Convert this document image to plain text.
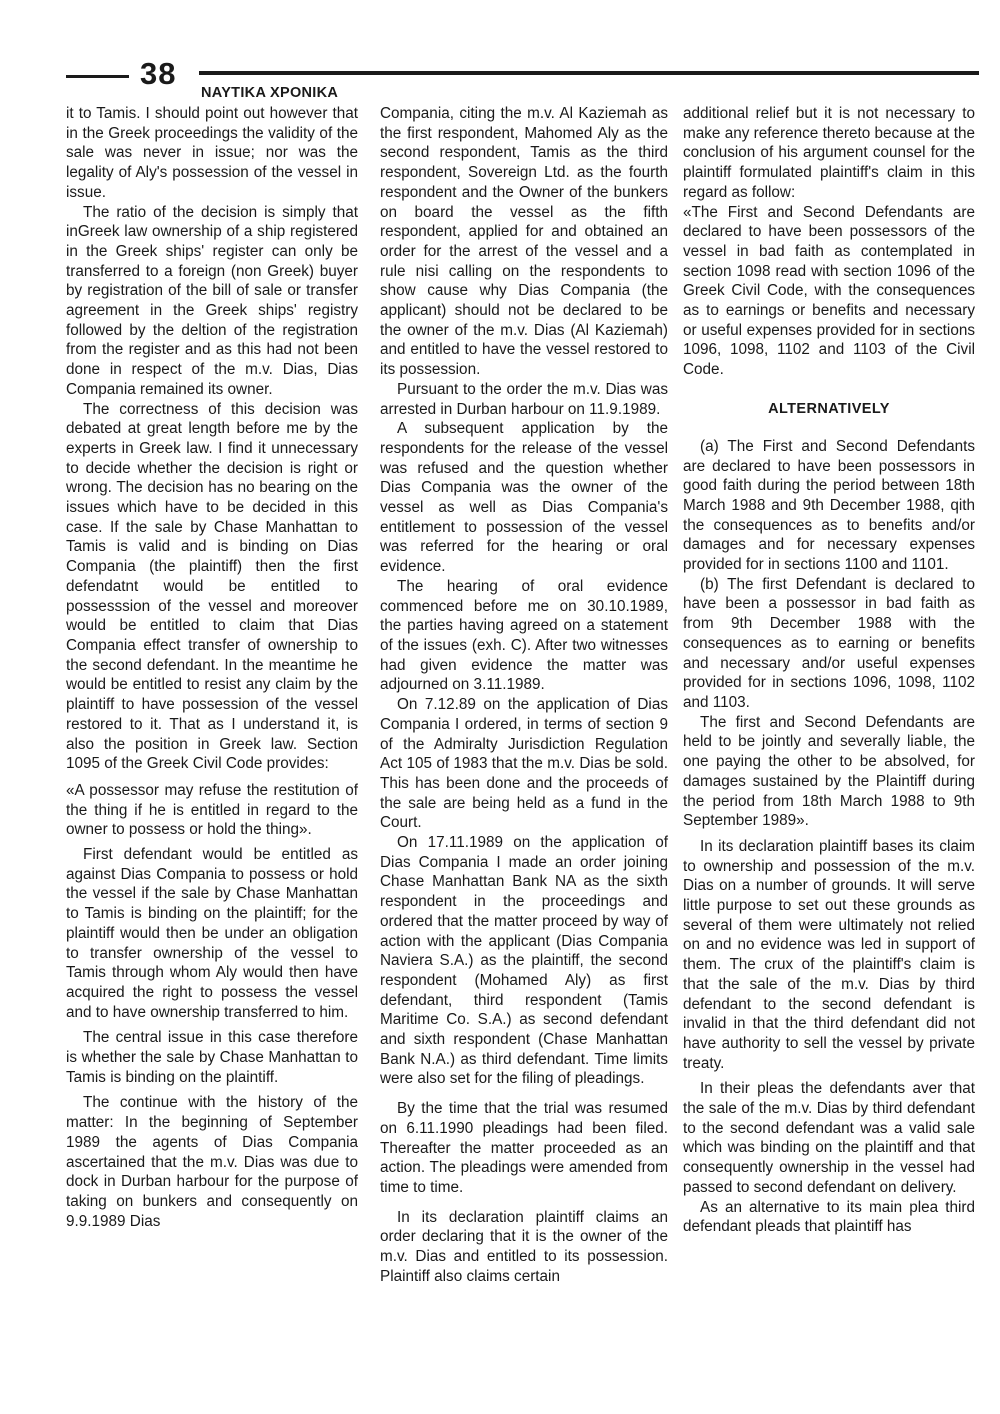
38
NAYTIKA XPONIKA

it to Tamis. I should point out however that in the Greek proceedings the validity of the sale was never in issue; nor was the legality of Aly's possession of the vessel in issue.

The ratio of the decision is simply that inGreek law ownership of a ship registered in the Greek ships' register can only be transferred to a foreign (non Greek) buyer by registration of the bill of sale or transfer agreement in the Greek ships' registry followed by the deltion of the registration from the register and as this had not been done in respect of the m.v. Dias, Dias Compania remained its owner.

The correctness of this decision was debated at great length before me by the experts in Greek law. I find it unnecessary to decide whether the decision is right or wrong. The decision has no bearing on the issues which have to be decided in this case. If the sale by Chase Manhattan to Tamis is valid and is binding on Dias Compania (the plaintiff) then the first defendatnt would be entitled to possesssion of the vessel and moreover would be entitled to claim that Dias Compania effect transfer of ownership to the second defendant. In the meantime he would be entitled to resist any claim by the plaintiff to have possession of the vessel restored to it. That as I understand it, is also the position in Greek law. Section 1095 of the Greek Civil Code provides:

«A possessor may refuse the restitution of the thing if he is entitled in regard to the owner to possess or hold the thing».

First defendant would be entitled as against Dias Compania to possess or hold the vessel if the sale by Chase Manhattan to Tamis is binding on the plaintiff; for the plaintiff would then be under an obligation to transfer ownership of the vessel to Tamis through whom Aly would then have acquired the right to possess the vessel and to have ownership transferred to him.

The central issue in this case therefore is whether the sale by Chase Manhattan to Tamis is binding on the plaintiff.

The continue with the history of the matter: In the beginning of September 1989 the agents of Dias Compania ascertained that the m.v. Dias was due to dock in Durban harbour for the purpose of taking on bunkers and consequently on 9.9.1989 Dias

Compania, citing the m.v. Al Kaziemah as the first respondent, Mahomed Aly as the second respondent, Tamis as the third respondent, Sovereign Ltd. as the fourth respondent and the Owner of the bunkers on board the vessel as the fifth respondent, applied for and obtained an order for the arrest of the vessel and a rule nisi calling on the respondents to show cause why Dias Compania (the applicant) should not be declared to be the owner of the m.v. Dias (Al Kaziemah) and entitled to have the vessel restored to its possession.

Pursuant to the order the m.v. Dias was arrested in Durban harbour on 11.9.1989.

A subsequent application by the respondents for the release of the vessel was refused and the question whether Dias Compania was the owner of the vessel as well as Dias Compania's entitlement to possession of the vessel was referred for the hearing or oral evidence.

The hearing of oral evidence commenced before me on 30.10.1989, the parties having agreed on a statement of the issues (exh. C). After two witnesses had given evidence the matter was adjourned on 3.11.1989.

On 7.12.89 on the application of Dias Compania I ordered, in terms of section 9 of the Admiralty Jurisdiction Regulation Act 105 of 1983 that the m.v. Dias be sold. This has been done and the proceeds of the sale are being held as a fund in the Court.

On 17.11.1989 on the application of Dias Compania I made an order joining Chase Manhattan Bank NA as the sixth respondent in the proceedings and ordered that the matter proceed by way of action with the applicant (Dias Compania Naviera S.A.) as the plaintiff, the second respondent (Mohamed Aly) as first defendant, third respondent (Tamis Maritime Co. S.A.) as second defendant and sixth respondent (Chase Manhattan Bank N.A.) as third defendant. Time limits were also set for the filing of pleadings.

By the time that the trial was resumed on 6.11.1990 pleadings had been filed. Thereafter the matter proceeded as an action. The pleadings were amended from time to time.

In its declaration plaintiff claims an order declaring that it is the owner of the m.v. Dias and entitled to its possession. Plaintiff also claims certain

additional relief but it is not necessary to make any reference thereto because at the conclusion of his argument counsel for the plaintiff formulated plaintiff's claim in this regard as follow:

«The First and Second Defendants are declared to have been possessors of the vessel in bad faith as contemplated in section 1098 read with section 1096 of the Greek Civil Code, with the consequences as to earnings or benefits and necessary or useful expenses provided for in sections 1096, 1098, 1102 and 1103 of the Civil Code.

ALTERNATIVELY

(a) The First and Second Defendants are declared to have been possessors in good faith during the period between 18th March 1988 and 9th December 1988, qith the consequences as to benefits and/or damages and for necessary expenses provided for in sections 1100 and 1101.

(b) The first Defendant is declared to have been a possessor in bad faith as from 9th December 1988 with the consequences as to earning or benefits and necessary and/or useful expenses provided for in sections 1096, 1098, 1102 and 1103.

The first and Second Defendants are held to be jointly and severally liable, the one paying the other to be absolved, for damages sustained by the Plaintiff during the period from 18th March 1988 to 9th September 1989».

In its declaration plaintiff bases its claim to ownership and possession of the m.v. Dias on a number of grounds. It will serve little purpose to set out these grounds as several of them were ultimately not relied on and no evidence was led in support of them. The crux of the plaintiff's claim is that the sale of the m.v. Dias by third defendant to the second defendant is invalid in that the third defendant did not have authority to sell the vessel by private treaty.

In their pleas the defendants aver that the sale of the m.v. Dias by third defendant to the second defendant was a valid sale which was binding on the plaintiff and that consequently ownership in the vessel had passed to second defendant on delivery.

As an alternative to its main plea third defendant pleads that plaintiff has
